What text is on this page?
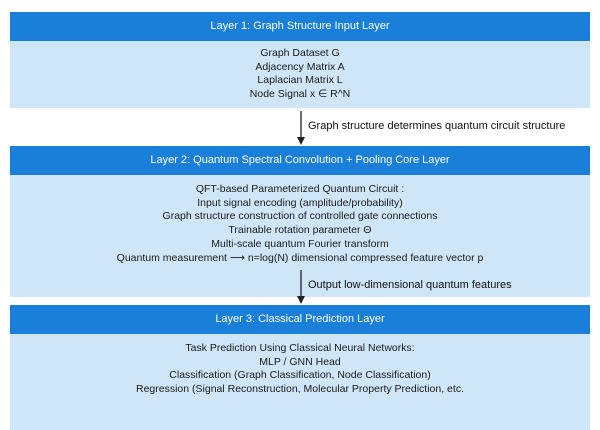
Layer 1: Graph Structure Input Layer
Graph Dataset G
Adjacency Matrix A
Laplacian Matrix L
Node Signal x ∈ R^N
Graph structure determines quantum circuit structure
Layer 2: Quantum Spectral Convolution + Pooling Core Layer
QFT-based Parameterized Quantum Circuit :
Input signal encoding (amplitude/probability)
Graph structure construction of controlled gate connections
Trainable rotation parameter Θ
Multi-scale quantum Fourier transform
Quantum measurement ⟶ n=log(N) dimensional compressed feature vector p
Output low-dimensional quantum features
Layer 3: Classical Prediction Layer
Task Prediction Using Classical Neural Networks:
MLP / GNN Head
Classification (Graph Classification, Node Classification)
Regression (Signal Reconstruction, Molecular Property Prediction, etc.
